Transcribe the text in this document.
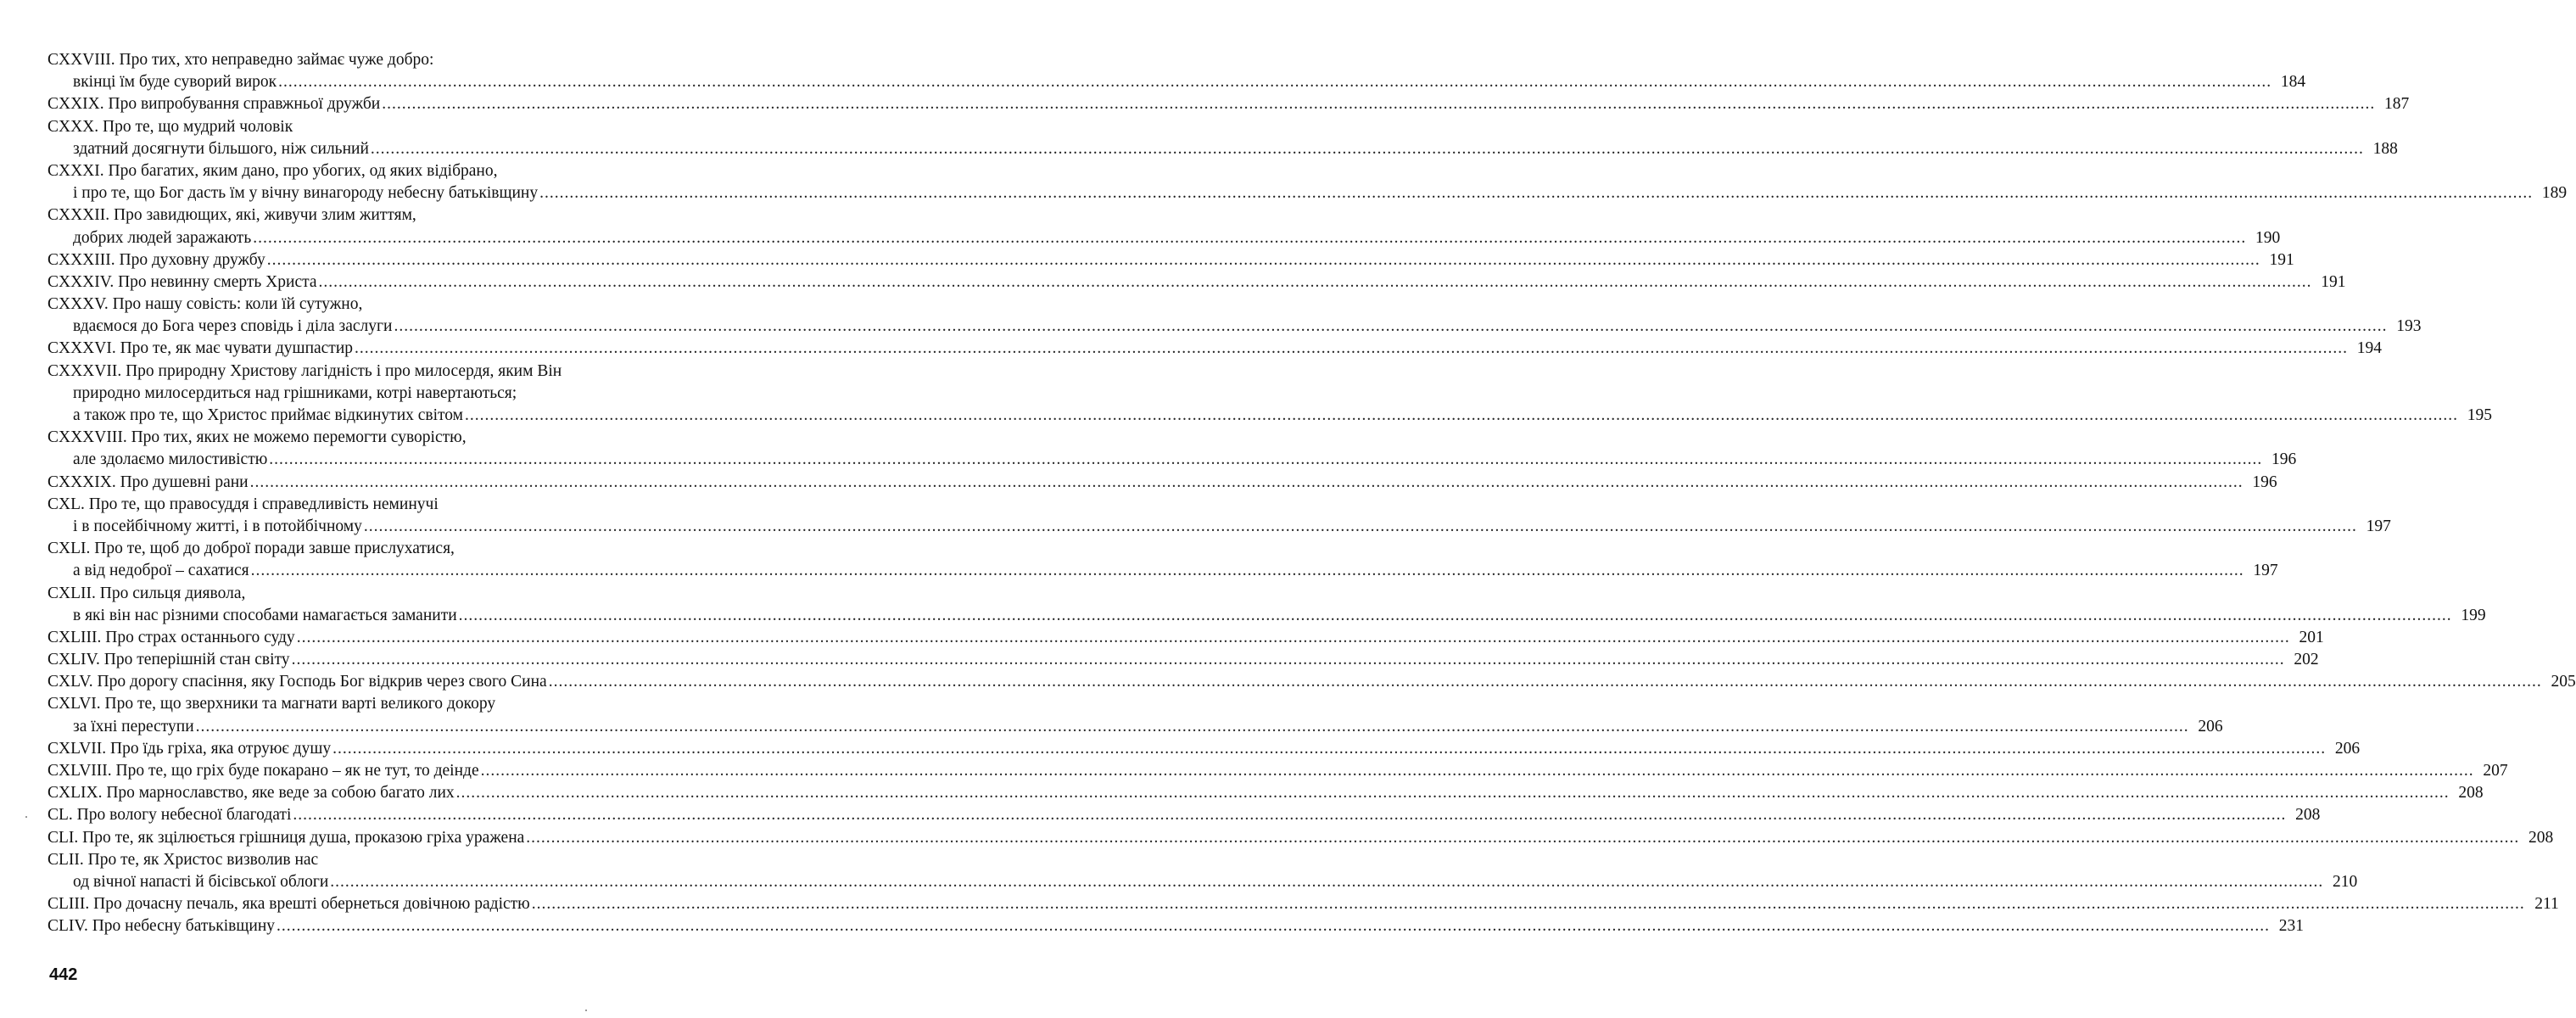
CXXVIII. Про тих, хто неправедно займає чуже добро:
вкінці їм буде суворий вирок ................................................................................................................................................................................................................................................................................................................................................................................................................ 184
CXXIX. Про випробування справжньої дружби ................................................................................................................................................................................................................................................................................................................................................................................................................ 187
CXXX. Про те, що мудрий чоловік
здатний досягнути більшого, ніж сильний ................................................................................................................................................................................................................................................................................................................................................................................................................ 188
CXXXI. Про багатих, яким дано, про убогих, од яких відібрано,
і про те, що Бог дасть їм у вічну винагороду небесну батьківщину ................................................................................................................................................................................................................................................................................................................................................................................................................ 189
CXXXII. Про завидющих, які, живучи злим життям,
добрих людей заражають ................................................................................................................................................................................................................................................................................................................................................................................................................ 190
CXXXIII. Про духовну дружбу ................................................................................................................................................................................................................................................................................................................................................................................................................ 191
CXXXIV. Про невинну смерть Христа ................................................................................................................................................................................................................................................................................................................................................................................................................ 191
CXXXV. Про нашу совість: коли їй сутужно,
вдаємося до Бога через сповідь і діла заслуги ................................................................................................................................................................................................................................................................................................................................................................................................................ 193
CXXXVI. Про те, як має чувати душпастир ................................................................................................................................................................................................................................................................................................................................................................................................................ 194
CXXXVII. Про природну Христову лагідність і про милосердя, яким Він
природно милосердиться над грішниками, котрі навертаються;
а також про те, що Христос приймає відкинутих світом ................................................................................................................................................................................................................................................................................................................................................................................................................ 195
CXXXVIII. Про тих, яких не можемо перемогти суворістю,
але здолаємо милостивістю ................................................................................................................................................................................................................................................................................................................................................................................................................ 196
CXXXIX. Про душевні рани ................................................................................................................................................................................................................................................................................................................................................................................................................ 196
CXL. Про те, що правосуддя і справедливість неминучі
і в посейбічному житті, і в потойбічному ................................................................................................................................................................................................................................................................................................................................................................................................................ 197
CXLI. Про те, щоб до доброї поради завше прислухатися,
а від недоброї – сахатися ................................................................................................................................................................................................................................................................................................................................................................................................................ 197
CXLII. Про сильця диявола,
в які він нас різними способами намагається заманити ................................................................................................................................................................................................................................................................................................................................................................................................................ 199
CXLIII. Про страх останнього суду ................................................................................................................................................................................................................................................................................................................................................................................................................ 201
CXLIV. Про теперішній стан світу ................................................................................................................................................................................................................................................................................................................................................................................................................ 202
CXLV. Про дорогу спасіння, яку Господь Бог відкрив через свого Сина ................................................................................................................................................................................................................................................................................................................................................................................................................ 205
CXLVI. Про те, що зверхники та магнати варті великого докору
за їхні переступи ................................................................................................................................................................................................................................................................................................................................................................................................................ 206
CXLVII. Про їдь гріха, яка отруює душу ................................................................................................................................................................................................................................................................................................................................................................................................................ 206
CXLVIII. Про те, що гріх буде покарано – як не тут, то деінде ................................................................................................................................................................................................................................................................................................................................................................................................................ 207
CXLIX. Про марнославство, яке веде за собою багато лих ................................................................................................................................................................................................................................................................................................................................................................................................................ 208
CL. Про вологу небесної благодаті ................................................................................................................................................................................................................................................................................................................................................................................................................ 208
CLI. Про те, як зцілюється грішниця душа, проказою гріха уражена ................................................................................................................................................................................................................................................................................................................................................................................................................ 208
CLII. Про те, як Христос визволив нас
од вічної напасті й бісівської облоги ................................................................................................................................................................................................................................................................................................................................................................................................................ 210
CLIII. Про дочасну печаль, яка врешті обернеться довічною радістю ................................................................................................................................................................................................................................................................................................................................................................................................................ 211
CLIV. Про небесну батьківщину ................................................................................................................................................................................................................................................................................................................................................................................................................ 231
442
